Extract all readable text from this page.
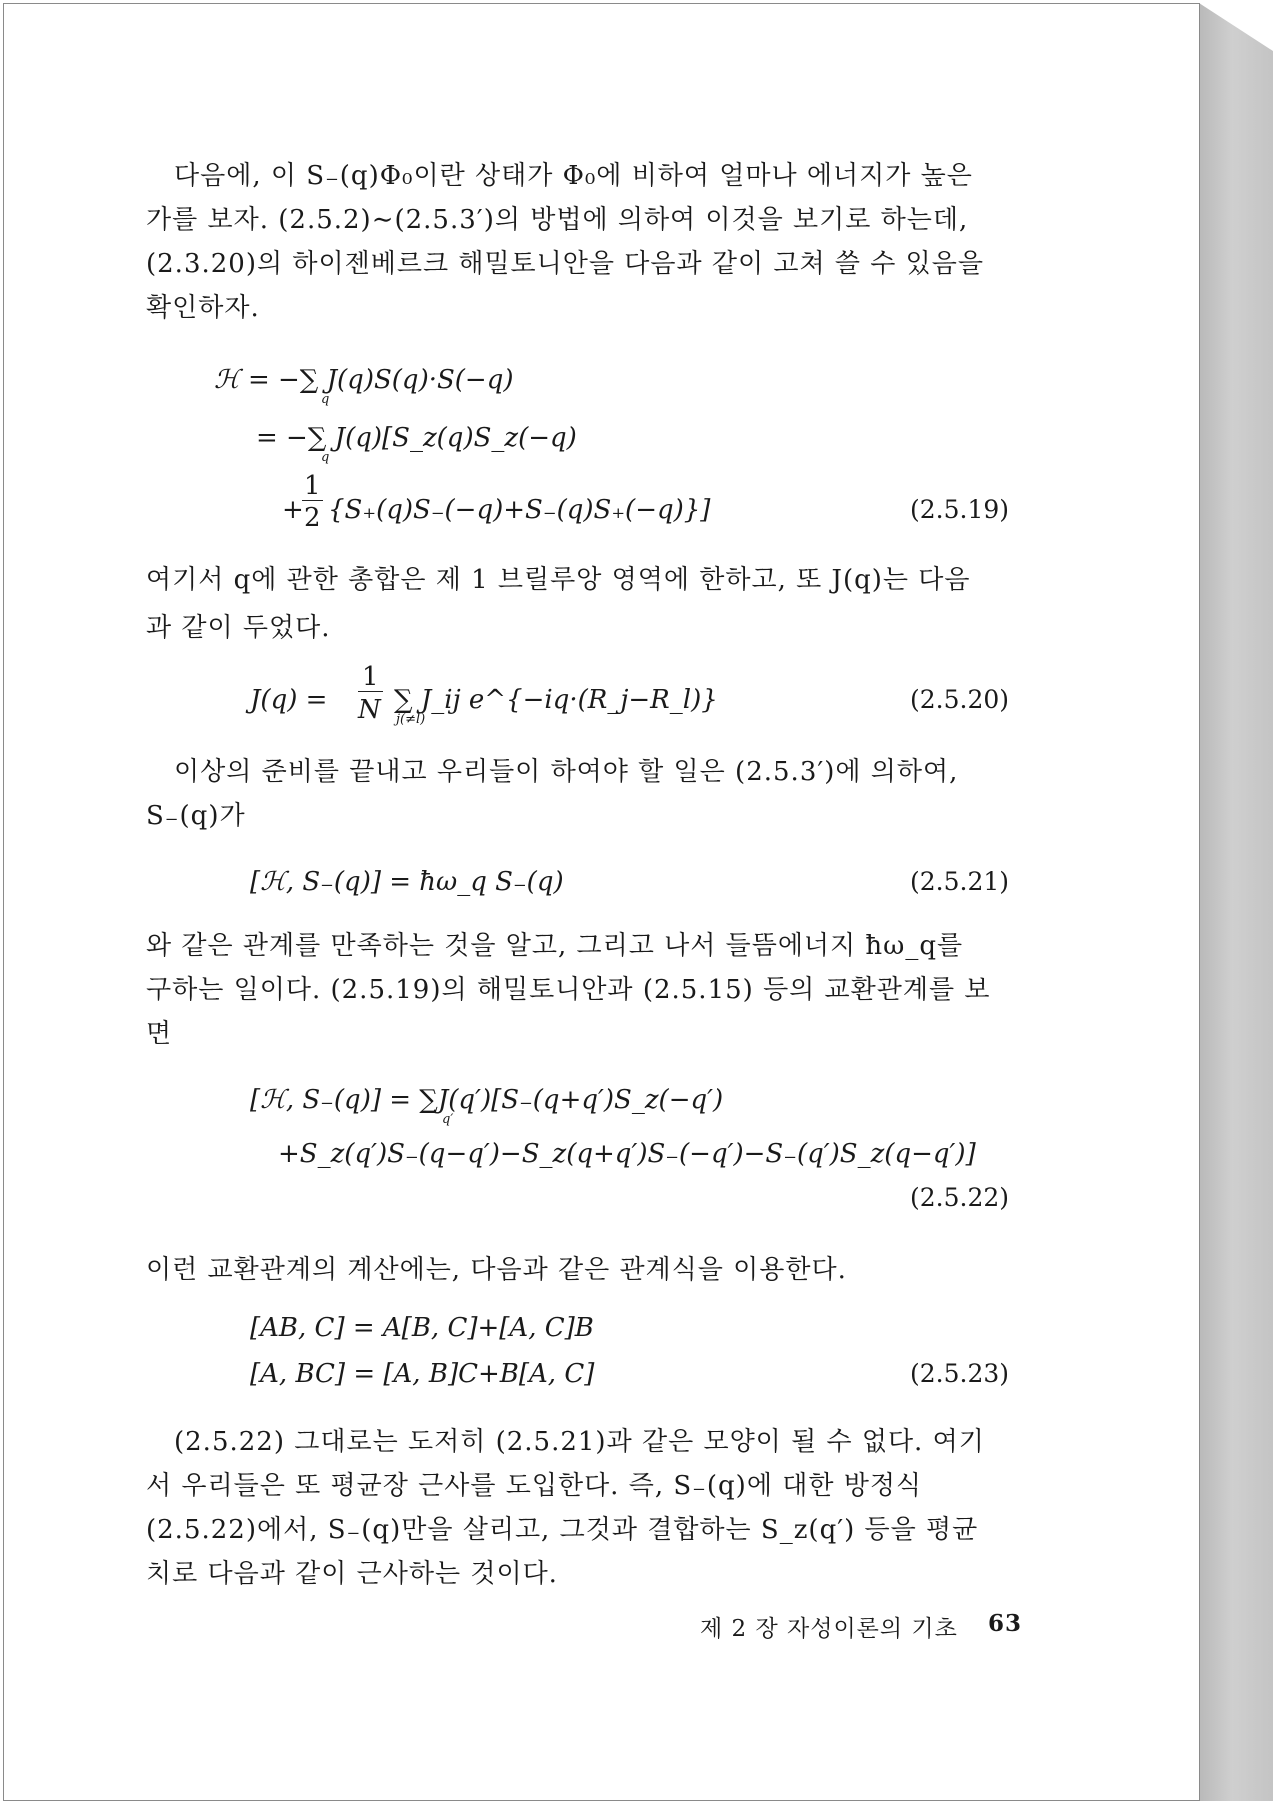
다음에, 이 S₋(q)Φ₀이란 상태가 Φ₀에 비하여 얼마나 에너지가 높은
가를 보자. (2.5.2)∼(2.5.3′)의 방법에 의하여 이것을 보기로 하는데,
(2.3.20)의 하이젠베르크 해밀토니안을 다음과 같이 고쳐 쓸 수 있음을
확인하자.
ℋ = −∑ J(q)S(q)·S(−q)
q
= −∑ J(q)[S_z(q)S_z(−q)
q
+
1
2 {S₊(q)S₋(−q)+S₋(q)S₊(−q)}]	(2.5.19)
여기서 q에 관한 총합은 제 1 브릴루앙 영역에 한하고, 또 J(q)는 다음
과 같이 두었다.
J(q) =
1
N ∑ J_ij e^{−iq·(R_j−R_l)}
j(≠l)
(2.5.20)
이상의 준비를 끝내고 우리들이 하여야 할 일은 (2.5.3′)에 의하여,
S₋(q)가
[ℋ, S₋(q)] = ħω_q S₋(q)	(2.5.21)
와 같은 관계를 만족하는 것을 알고, 그리고 나서 들뜸에너지 ħω_q를
구하는 일이다. (2.5.19)의 해밀토니안과 (2.5.15) 등의 교환관계를 보
면
[ℋ, S₋(q)] = ∑J(q′)[S₋(q+q′)S_z(−q′)
q′
+S_z(q′)S₋(q−q′)−S_z(q+q′)S₋(−q′)−S₋(q′)S_z(q−q′)]
(2.5.22)
이런 교환관계의 계산에는, 다음과 같은 관계식을 이용한다.
[AB, C] = A[B, C]+[A, C]B
[A, BC] = [A, B]C+B[A, C]	(2.5.23)
(2.5.22) 그대로는 도저히 (2.5.21)과 같은 모양이 될 수 없다. 여기
서 우리들은 또 평균장 근사를 도입한다. 즉, S₋(q)에 대한 방정식
(2.5.22)에서, S₋(q)만을 살리고, 그것과 결합하는 S_z(q′) 등을 평균
치로 다음과 같이 근사하는 것이다.
제 2 장 자성이론의 기초 63
